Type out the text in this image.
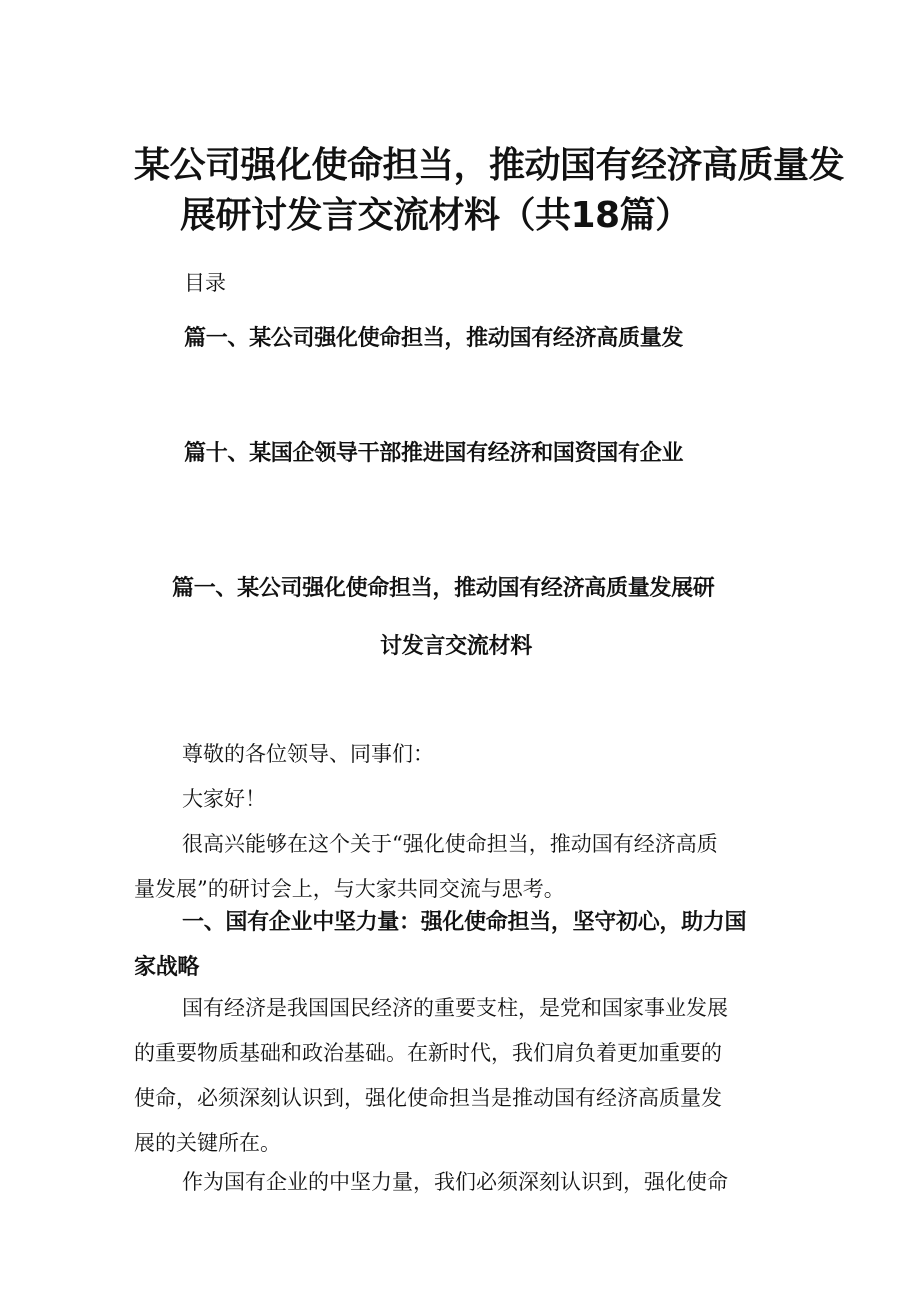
某公司强化使命担当，推动国有经济高质量发
展研讨发言交流材料（共18篇）
目录
篇一、某公司强化使命担当，推动国有经济高质量发
篇十、某国企领导干部推进国有经济和国资国有企业
篇一、某公司强化使命担当，推动国有经济高质量发展研
讨发言交流材料
尊敬的各位领导、同事们：
大家好！
很高兴能够在这个关于“强化使命担当，推动国有经济高质
量发展”的研讨会上，与大家共同交流与思考。
一、国有企业中坚力量：强化使命担当，坚守初心，助力国
家战略
国有经济是我国国民经济的重要支柱，是党和国家事业发展
的重要物质基础和政治基础。在新时代，我们肩负着更加重要的
使命，必须深刻认识到，强化使命担当是推动国有经济高质量发
展的关键所在。
作为国有企业的中坚力量，我们必须深刻认识到，强化使命
